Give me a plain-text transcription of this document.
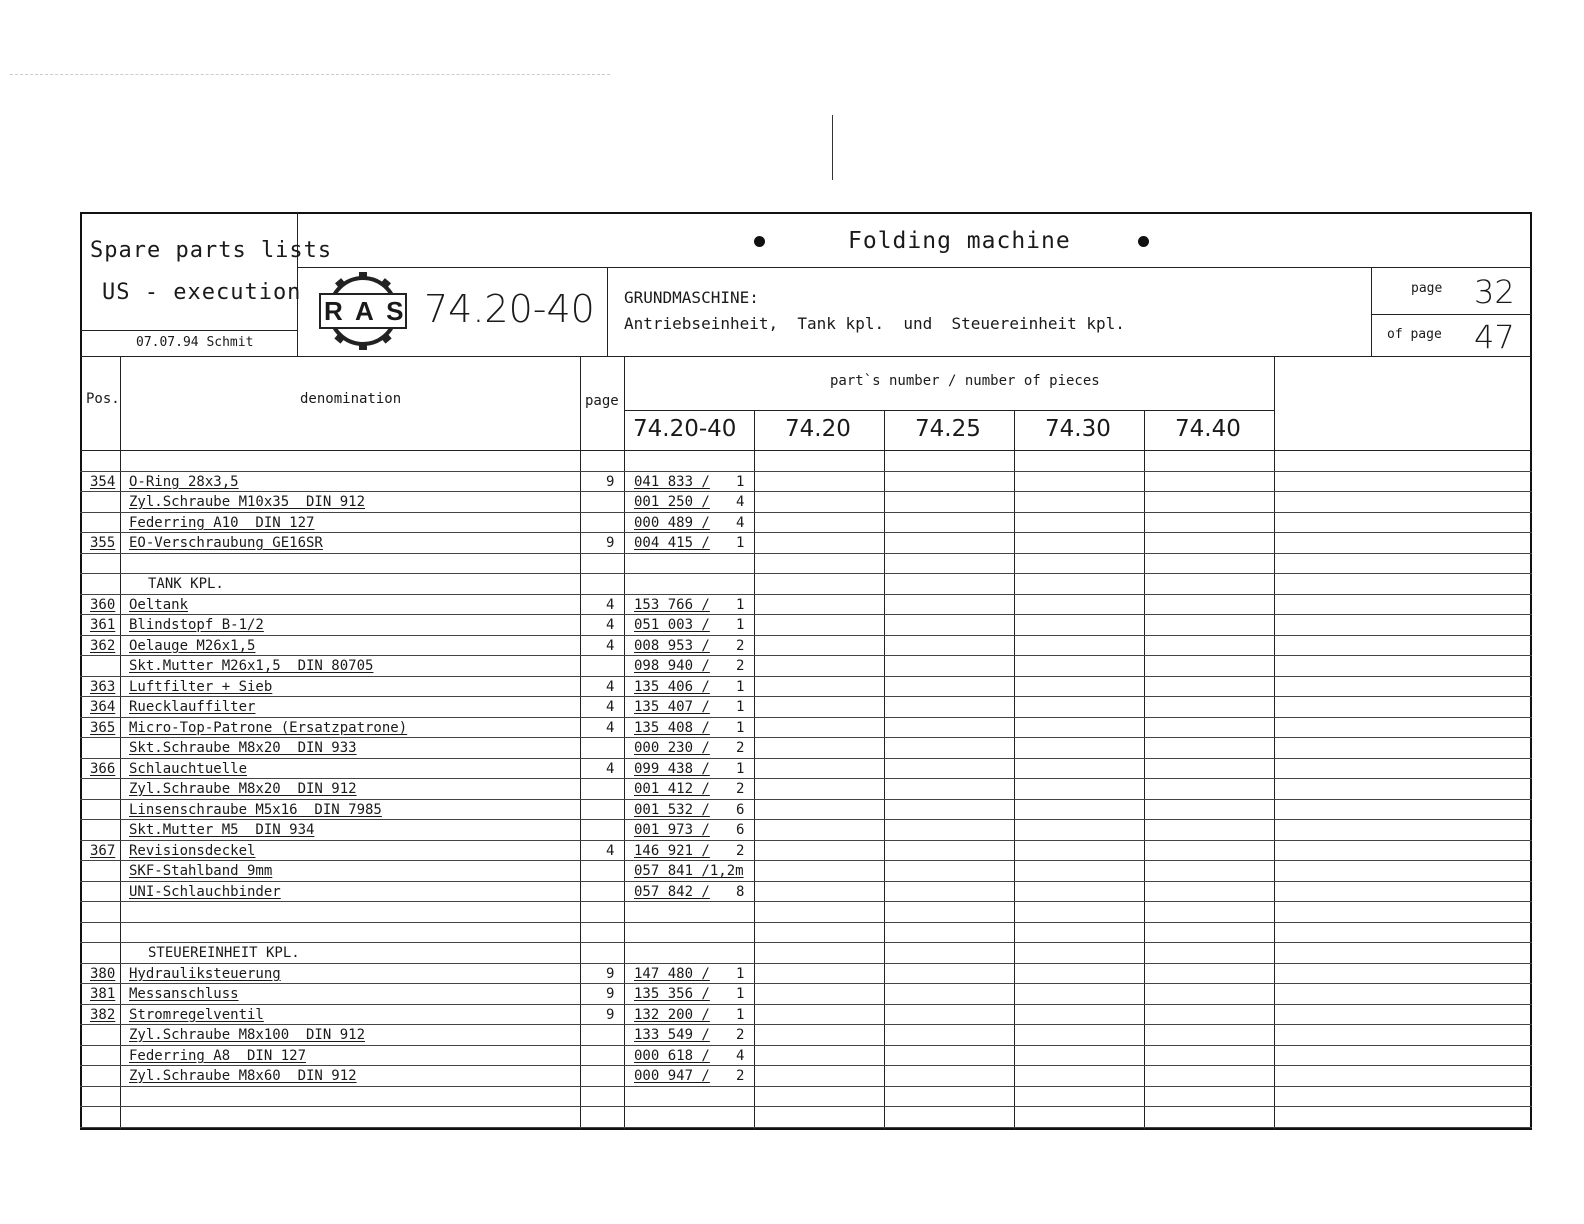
Spare parts lists
US - execution
07.07.94 Schmit
Folding machine
R A S 74.20-40 GRUNDMASCHINE:
Antriebseinheit,  Tank kpl.  und  Steuereinheit kpl.
page 32
of page 47
Pos.	denomination	page
part`s number / number of pieces
74.20-40 74.20	74.25	74.30	74.40
354 O-Ring 28x3,5	9 041 833 / 1
Zyl.Schraube M10x35  DIN 912	001 250 / 4
Federring A10  DIN 127	000 489 / 4
355 EO-Verschraubung GE16SR	9 004 415 / 1
TANK KPL.
360 Oeltank	4 153 766 / 1
361 Blindstopf B-1/2	4 051 003 / 1
362 Oelauge M26x1,5	4 008 953 / 2
Skt.Mutter M26x1,5  DIN 80705	098 940 / 2
363 Luftfilter + Sieb	4 135 406 / 1
364 Ruecklauffilter	4 135 407 / 1
365 Micro-Top-Patrone (Ersatzpatrone)	4 135 408 / 1
Skt.Schraube M8x20  DIN 933	000 230 / 2
366 Schlauchtuelle	4 099 438 / 1
Zyl.Schraube M8x20  DIN 912	001 412 / 2
Linsenschraube M5x16  DIN 7985	001 532 / 6
Skt.Mutter M5  DIN 934	001 973 / 6
367 Revisionsdeckel	4 146 921 / 2
SKF-Stahlband 9mm	057 841 /1,2m
UNI-Schlauchbinder	057 842 / 8
STEUEREINHEIT KPL.
380 Hydrauliksteuerung	9 147 480 / 1
381 Messanschluss	9 135 356 / 1
382 Stromregelventil	9 132 200 / 1
Zyl.Schraube M8x100  DIN 912	133 549 / 2
Federring A8  DIN 127	000 618 / 4
Zyl.Schraube M8x60  DIN 912	000 947 / 2
